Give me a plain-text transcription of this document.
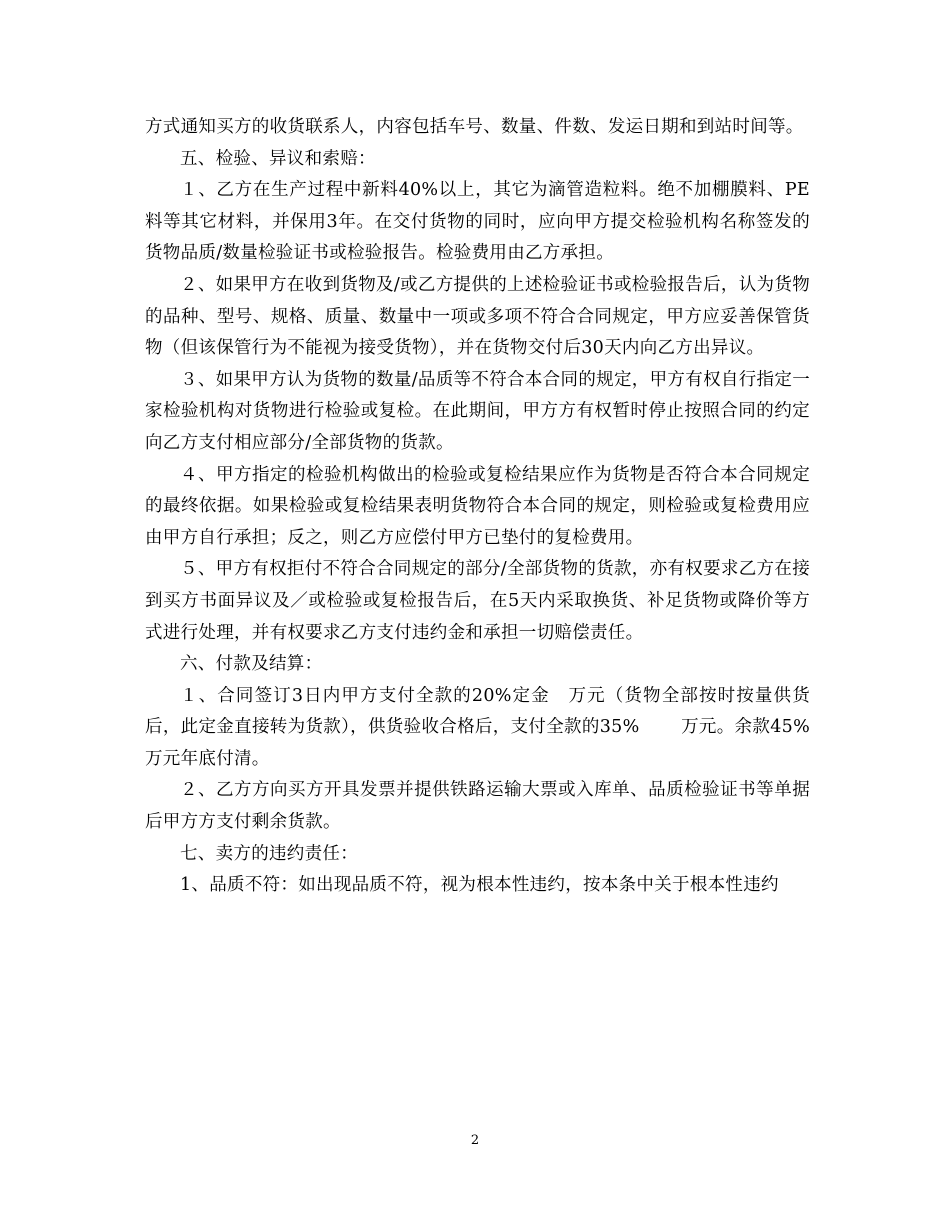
方式通知买方的收货联系人，内容包括车号、数量、件数、发运日期和到站时间等。

五、检验、异议和索赔：

１、乙方在生产过程中新料40%以上，其它为滴管造粒料。绝不加棚膜料、PE料等其它材料，并保用3年。在交付货物的同时，应向甲方提交检验机构名称签发的货物品质/数量检验证书或检验报告。检验费用由乙方承担。

２、如果甲方在收到货物及/或乙方提供的上述检验证书或检验报告后，认为货物的品种、型号、规格、质量、数量中一项或多项不符合合同规定，甲方应妥善保管货物（但该保管行为不能视为接受货物），并在货物交付后30天内向乙方出异议。

３、如果甲方认为货物的数量/品质等不符合本合同的规定，甲方有权自行指定一家检验机构对货物进行检验或复检。在此期间，甲方方有权暂时停止按照合同的约定向乙方支付相应部分/全部货物的货款。

４、甲方指定的检验机构做出的检验或复检结果应作为货物是否符合本合同规定的最终依据。如果检验或复检结果表明货物符合本合同的规定，则检验或复检费用应由甲方自行承担；反之，则乙方应偿付甲方已垫付的复检费用。

５、甲方有权拒付不符合合同规定的部分/全部货物的货款，亦有权要求乙方在接到买方书面异议及／或检验或复检报告后，在5天内采取换货、补足货物或降价等方式进行处理，并有权要求乙方支付违约金和承担一切赔偿责任。

六、付款及结算：

１、合同签订3日内甲方支付全款的20%定金　万元（货物全部按时按量供货后，此定金直接转为货款），供货验收合格后，支付全款的35%　　 万元。余款45%　　 万元年底付清。

２、乙方方向买方开具发票并提供铁路运输大票或入库单、品质检验证书等单据后甲方方支付剩余货款。

七、卖方的违约责任：

1、品质不符：如出现品质不符，视为根本性违约，按本条中关于根本性违约

2
